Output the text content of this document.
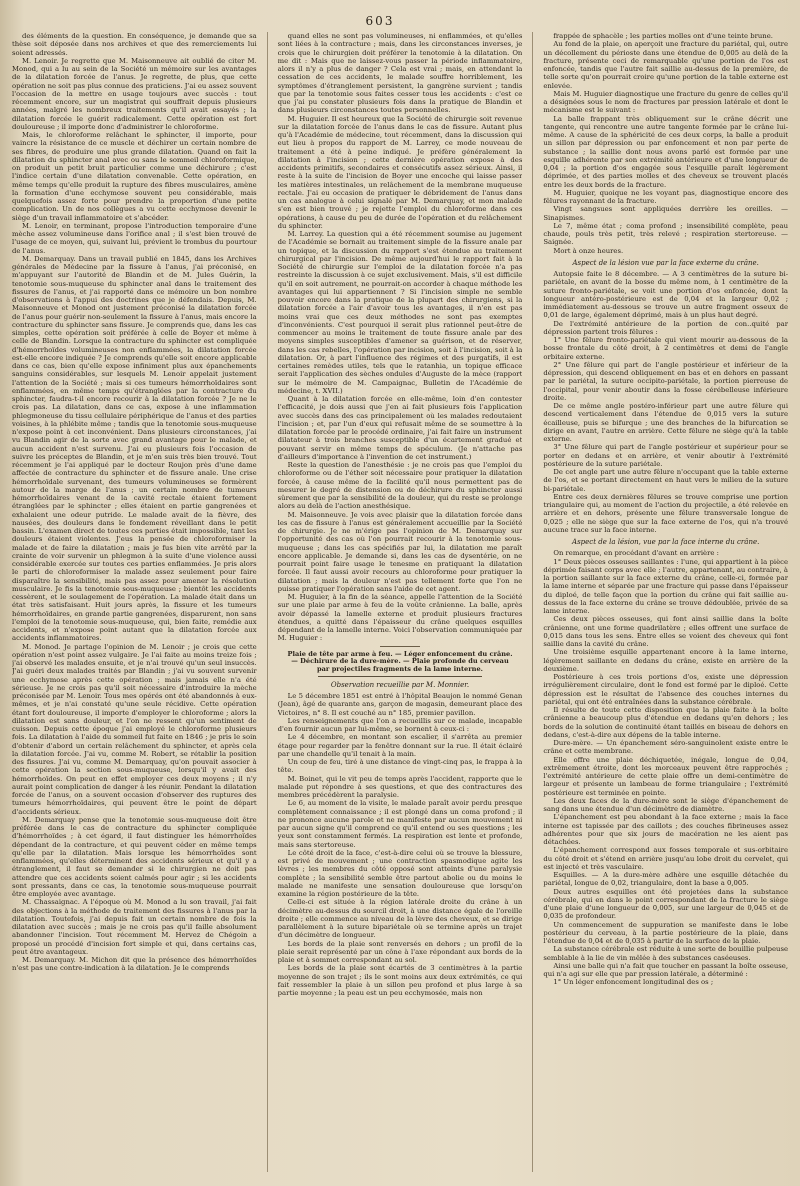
603

des éléments de la question. En conséquence, je demande que sa thèse soit déposée dans nos archives et que des remerciements lui soient adressés.

M. Lenoir. Je regrette que M. Maisonneuve ait oublié de citer M. Monod, qui a lu au sein de la Société un mémoire sur les avantages de la dilatation forcée de l'anus. Je regrette, de plus, que cette opération ne soit pas plus connue des praticiens. J'ai eu assez souvent l'occasion de la mettre en usage toujours avec succès : tout récemment encore, sur un magistrat qui souffrait depuis plusieurs années, malgré les nombreux traitements qu'il avait essayés ; la dilatation forcée le guérit radicalement. Cette opération est fort douloureuse ; il importe donc d'administrer le chloroforme.

Mais, le chloroforme relâchant le sphincter, il importe, pour vaincre la résistance de ce muscle et déchirer un certain nombre de ses fibres, de produire une plus grande dilatation. Quand on fait la dilatation du sphincter anal avec ou sans le sommeil chloroformique, on produit un petit bruit particulier comme une déchirure ; c'est l'indice certain d'une dilatation convenable. Cette opération, en même temps qu'elle produit la rupture des fibres musculaires, amène la formation d'une ecchymose souvent peu considérable, mais quelquefois assez forte pour prendre la proportion d'une petite complication. Un de nos collègues a vu cette ecchymose devenir le siège d'un travail inflammatoire et s'abcéder.

M. Lenoir, en terminant, propose l'introduction temporaire d'une mèche assez volumineuse dans l'orifice anal ; il s'est bien trouvé de l'usage de ce moyen, qui, suivant lui, prévient le trombus du pourtour de l'anus.

M. Demarquay. Dans un travail publié en 1845, dans les Archives générales de Médecine par la fissure à l'anus, j'ai préconisé, en m'appuyant sur l'autorité de Blandin et de M. Jules Guérin, la tenotomie sous-muqueuse du sphincter anal dans le traitement des fissures de l'anus, et j'ai rapporté dans ce mémoire un bon nombre d'observations à l'appui des doctrines que je défendais. Depuis, M. Maisonneuve et Monod ont justement préconisé la dilatation forcée de l'anus pour guérir non-seulement la fissure à l'anus, mais encore la contracture du sphincter sans fissure. Je comprends que, dans les cas simples, cette opération soit préférée à celle de Boyer et même à celle de Blandin. Lorsque la contracture du sphincter est compliquée d'hémorrhoïdes volumineuses non enflammées, la dilatation forcée est-elle encore indiquée ? Je comprends qu'elle soit encore applicable dans ce cas, bien qu'elle expose infiniment plus aux épanchements sanguins considérables, sur lesquels M. Lenoir appelait justement l'attention de la Société ; mais si ces tumeurs hémorrhoïdaires sont enflammées, en même temps qu'étranglées par la contracture du sphincter, faudra-t-il encore recourir à la dilatation forcée ? Je ne le crois pas. La dilatation, dans ce cas, expose à une inflammation phlegmoneuse du tissu cellulaire périphérique de l'anus et des parties voisines, à la phlébite même ; tandis que la tenotomie sous-muqueuse n'expose point à cet inconvénient. Dans plusieurs circonstances, j'ai vu Blandin agir de la sorte avec grand avantage pour le malade, et aucun accident n'est survenu. J'ai eu plusieurs fois l'occasion de suivre les préceptes de Blandin, et je m'en suis très bien trouvé. Tout récemment je l'ai appliqué par le docteur Roujon près d'une dame affectée de contracture du sphincter et de fissure anale. Une crise hémorrhoïdale survenant, des tumeurs volumineuses se formèrent autour de la marge de l'anus ; un certain nombre de tumeurs hémorrhoïdaires venant de la cavité rectale étaient fortement étranglées par le sphincter ; elles étaient en partie gangrenées et exhalaient une odeur putride. Le malade avait de la fièvre, des nausées, des douleurs dans le fondement réveillant dans le petit bassin. L'examen direct de toutes ces parties était impossible, tant les douleurs étaient violentes. J'eus la pensée de chloroformiser la malade et de faire la dilatation ; mais je fus bien vite arrêté par la crainte de voir survenir un phlegmon à la suite d'une violence aussi considérable exercée sur toutes ces parties enflammées. Je pris alors le parti de chloroformiser la malade assez seulement pour faire disparaître la sensibilité, mais pas assez pour amener la résolution musculaire. Je fis la tenotomie sous-muqueuse ; bientôt les accidents cessèrent, et le soulagement de l'opération. La malade était dans un état très satisfaisant. Huit jours après, la fissure et les tumeurs hémorrhoïdaires, en grande partie gangrenées, disparurent, non sans l'emploi de la tenotomie sous-muqueuse, qui, bien faite, remédie aux accidents, et n'expose point autant que la dilatation forcée aux accidents inflammatoires.

M. Monod. Je partage l'opinion de M. Lenoir ; je crois que cette opération n'est point assez vulgaire. Je l'ai faite au moins treize fois ; j'ai observé les malades ensuite, et je n'ai trouvé qu'un seul insuccès. J'ai guéri deux malades traités par Blandin ; j'ai vu souvent survenir une ecchymose après cette opération ; mais jamais elle n'a été sérieuse. Je ne crois pas qu'il soit nécessaire d'introduire la mèche préconisée par M. Lenoir. Tous mes opérés ont été abandonnés à eux-mêmes, et je n'ai constaté qu'une seule récidive. Cette opération étant fort douloureuse, il importe d'employer le chloroforme ; alors la dilatation est sans douleur, et l'on ne ressent qu'un sentiment de cuisson. Depuis cette époque j'ai employé le chloroforme plusieurs fois. La dilatation à l'aide du sommeil fut faite en 1846 ; je pris le soin d'obtenir d'abord un certain relâchement du sphincter, et après cela la dilatation forcée. J'ai vu, comme M. Robert, se rétablir la position des fissures. J'ai vu, comme M. Demarquay, qu'on pouvait associer à cette opération la section sous-muqueuse, lorsqu'il y avait des hémorrhoïdes. On peut en effet employer ces deux moyens ; il n'y aurait point complication de danger à les réunir. Pendant la dilatation forcée de l'anus, on a souvent occasion d'observer des ruptures des tumeurs hémorrhoïdaires, qui peuvent être le point de départ d'accidents sérieux.

M. Demarquay pense que la tenotomie sous-muqueuse doit être préférée dans le cas de contracture du sphincter compliquée d'hémorrhoïdes ; à cet égard, il faut distinguer les hémorrhoïdes dépendant de la contracture, et qui peuvent céder en même temps qu'elle par la dilatation. Mais lorsque les hémorrhoïdes sont enflammées, qu'elles déterminent des accidents sérieux et qu'il y a étranglement, il faut se demander si le chirurgien ne doit pas attendre que ces accidents soient calmés pour agir ; si les accidents sont pressants, dans ce cas, la tenotomie sous-muqueuse pourrait être employée avec avantage.

M. Chassaignac. A l'époque où M. Monod a lu son travail, j'ai fait des objections à la méthode de traitement des fissures à l'anus par la dilatation. Toutefois, j'ai depuis fait un certain nombre de fois la dilatation avec succès ; mais je ne crois pas qu'il faille absolument abandonner l'incision. Tout récemment M. Hervez de Chégoin a proposé un procédé d'incision fort simple et qui, dans certains cas, peut être avantageux.

M. Demarquay. M. Michon dit que la présence des hémorrhoïdes n'est pas une contre-indication à la dilatation. Je le comprends

quand elles ne sont pas volumineuses, ni enflammées, et qu'elles sont liées à la contracture ; mais, dans les circonstances inverses, je crois que le chirurgien doit préférer la tenotomie à la dilatation. On me dit : Mais que ne laissez-vous passer la période inflammatoire, alors il n'y a plus de danger ? Cela est vrai ; mais, en attendant la cessation de ces accidents, le malade souffre horriblement, les symptômes d'étranglement persistent, la gangrène survient ; tandis que par la tenotomie sous faites cesser tous les accidents : c'est ce que j'ai pu constater plusieurs fois dans la pratique de Blandin et dans plusieurs circonstances toutes personnelles.

M. Huguier. Il est heureux que la Société de chirurgie soit revenue sur la dilatation forcée de l'anus dans le cas de fissure. Autant plus qu'à l'Académie de médecine, tout récemment, dans la discussion qui eut lieu à propos du rapport de M. Larrey, ce mode nouveau de traitement a été à peine indiqué. Je préfère généralement la dilatation à l'incision ; cette dernière opération expose à des accidents primitifs, secondaires et consécutifs assez sérieux. Ainsi, il reste à la suite de l'incision de Boyer une encoche qui laisse passer les matières intestinales, un relâchement de la membrane muqueuse rectale. J'ai eu occasion de pratiquer le débridement de l'anus dans un cas analogue à celui signalé par M. Demarquay, et mon malade s'en est bien trouvé ; je rejette l'emploi du chloroforme dans ces opérations, à cause du peu de durée de l'opération et du relâchement du sphincter.

M. Larrey. La question qui a été récemment soumise au jugement de l'Académie se bornait au traitement simple de la fissure anale par un topique, et la discussion du rapport s'est étendue au traitement chirurgical par l'incision. De même aujourd'hui le rapport fait à la Société de chirurgie sur l'emploi de la dilatation forcée n'a pas restreinte la discussion à ce sujet exclusivement. Mais, s'il est difficile qu'il en soit autrement, ne pourrait-on accorder à chaque méthode les avantages qui lui appartiennent ? Si l'incision simple ne semble pouvoir encore dans la pratique de la plupart des chirurgiens, si la dilatation forcée a l'air d'avoir tous les avantages, il n'en est pas moins vrai que ces deux méthodes ne sont pas exemptes d'inconvénients. C'est pourquoi il serait plus rationnel peut-être de commencer au moins le traitement de toute fissure anale par des moyens simples susceptibles d'amener sa guérison, et de réserver, dans les cas rebelles, l'opération par incision, soit à l'incision, soit à la dilatation. Or, à part l'influence des régimes et des purgatifs, il est certaines remèdes utiles, tels que le ratanhia, un topique efficace serait l'application des sèches ondules d'Auguste de la mèce (rapport sur le mémoire de M. Campaignac, Bulletin de l'Académie de médecine, t. XVII.)

Quant à la dilatation forcée en elle-même, loin d'en contester l'efficacité, je dois aussi que j'en ai fait plusieurs fois l'application avec succès dans des cas principalement où les malades redoutaient l'incision ; et, par l'un d'eux qui refusait même de se soumettre à la dilatation forcée par le procédé ordinaire, j'ai fait faire un instrument dilatateur à trois branches susceptible d'un écartement gradué et pouvant servir en même temps de spéculum. (Je n'attache pas d'ailleurs d'importance à l'invention de cet instrument.)

Reste la question de l'anesthésie : je ne crois pas que l'emploi du chloroforme ou de l'éther soit nécessaire pour pratiquer la dilatation forcée, à cause même de la facilité qu'il nous permettent pas de mesurer le degré de distension ou de déchirure du sphincter aussi sûrement que par la sensibilité de la douleur, qui du reste se prolonge alors au delà de l'action anesthésique.

M. Maisonneuve. Je vois avec plaisir que la dilatation forcée dans les cas de fissure à l'anus est généralement accueillie par la Société de chirurgie. Je ne m'érige pas l'opinion de M. Demarquay sur l'opportunité des cas où l'on pourrait recourir à la tenotomie sous-muqueuse ; dans les cas spécifiés par lui, la dilatation me paraît encore applicable. Je demande si, dans les cas de dysentérie, on ne pourrait point faire usage le tenesme en pratiquant la dilatation forcée. Il faut aussi avoir recours au chloroforme pour pratiquer la dilatation ; mais la douleur n'est pas tellement forte que l'on ne puisse pratiquer l'opération sans l'aide de cet agent.

M. Huguier, à la fin de la séance, appelle l'attention de la Société sur une plaie par arme à feu de la voûte crânienne. La balle, après avoir dépassé la lamelle externe et produit plusieurs fractures étendues, a quitté dans l'épaisseur du crâne quelques esquilles dépendant de la lamelle interne. Voici l'observation communiquée par M. Huguier :

Plaie de tête par arme à feu. — Léger enfoncement du crâne. — Déchirure de la dure-mère. — Plaie profonde du cerveau par projectiles fragments de la lame interne.

Observation recueillie par M. Monnier.

Le 5 décembre 1851 est entré à l'hôpital Beaujon le nommé Genan (Jean), âgé de quarante ans, garçon de magasin, demeurant place des Victoires, n° 8. Il est couché au n° 185, premier pavillon.

Les renseignements que l'on a recueillis sur ce malade, incapable d'en fournir aucun par lui-même, se bornent à ceux-ci :

Le 4 décembre, en montant son escalier, il s'arrêta au premier étage pour regarder par la fenêtre donnant sur la rue. Il était éclairé par une chandelle qu'il tenait à la main.

Un coup de feu, tiré à une distance de vingt-cinq pas, le frappa à la tête.

M. Boinet, qui le vit peu de temps après l'accident, rapporte que le malade put répondre à ses questions, et que des contractures des membres précédèrent la paralysie.

Le 6, au moment de la visite, le malade paraît avoir perdu presque complètement connaissance ; il est plongé dans un coma profond ; il ne prononce aucune parole et ne manifeste par aucun mouvement ni par aucun signe qu'il comprend ce qu'il entend ou ses questions ; les yeux sont constamment fermés. La respiration est lente et profonde, mais sans stertoreuse.

Le côté droit de la face, c'est-à-dire celui où se trouve la blessure, est privé de mouvement ; une contraction spasmodique agite les lèvres ; les membres du côté opposé sont atteints d'une paralysie complète ; la sensibilité semble être partout abolie ou du moins le malade ne manifeste une sensation douloureuse que lorsqu'on examine la région postérieure de la tête.

Celle-ci est située à la région latérale droite du crâne à un décimètre au-dessus du sourcil droit, à une distance égale de l'oreille droite ; elle commence au niveau de la lèvre des cheveux, et se dirige parallèlement à la suture bipariétale où se termine après un trajet d'un décimètre de longueur.

Les bords de la plaie sont renversés en dehors ; un profil de la plaie serait représenté par un cône à l'axe répondant aux bords de la plaie et à sommet correspondant au sol.

Les bords de la plaie sont écartés de 3 centimètres à la partie moyenne de son trajet ; ils le sont moins aux deux extrémités, ce qui fait ressembler la plaie à un sillon peu profond et plus large à sa partie moyenne ; la peau est un peu ecchymosée, mais non

frappée de sphacèle ; les parties molles ont d'une teinte brune.

Au fond de la plaie, on aperçoit une fracture du pariétal, qui, outre un décollement du périoste dans une étendue de 0,005 au delà de la fracture, présente ceci de remarquable qu'une portion de l'os est enfoncée, tandis que l'autre fait saillie au-dessus de la première, de telle sorte qu'on pourrait croire qu'une portion de la table externe est enlevée.

Mais M. Huguier diagnostique une fracture du genre de celles qu'il a désignées sous le nom de fractures par pression latérale et dont le mécanisme est le suivant :

La balle frappant très obliquement sur le crâne décrit une tangente, qui rencontre une autre tangente formée par le crâne lui-même. A cause de la sphéricité de ces deux corps, la balle a produit un sillon par dépression ou par enfoncement et non par perte de substance ; la saillie dont nous avons parlé est formée par une esquille adhérente par son extrémité antérieure et d'une longueur de 0,04 ; la portion d'os engagée sous l'esquille paraît légèrement déprimée, et des parties molles et des cheveux se trouvent placés entre les deux bords de la fracture.

M. Huguier, quoique ne les voyant pas, diagnostique encore des fêlures rayonnant de la fracture.

Vingt sangsues sont appliquées derrière les oreilles. — Sinapismes.

Le 7, même état ; coma profond ; insensibilité complète, peau chaude, pouls très petit, très relevé ; respiration stertoreuse. — Saignée.

Mort à onze heures.

Aspect de la lésion vue par la face externe du crâne.

Autopsie faite le 8 décembre. — A 3 centimètres de la suture bi-pariétale, en avant de la bosse du même nom, à 1 centimètre de la suture fronto-pariétale, se voit une portion d'os enfoncée, dont la longueur antéro-postérieure est de 0,04 et la largeur 0,02 ; immédiatement au-dessous se trouve un autre fragment osseux de 0,01 de large, également déprimé, mais à un plus haut degré.

De l'extrémité antérieure de la portion de con..quité par dépression partent trois fêlures :

1° Une fêlure fronto-pariétale qui vient mourir au-dessous de la bosse frontale du côté droit, à 2 centimètres et demi de l'angle orbitaire externe.

2° Une fêlure qui part de l'angle postérieur et inférieur de la dépression, qui descend obliquement en bas et en dehors en passant par le pariétal, la suture occipito-pariétale, la portion pierreuse de l'occipital, pour venir aboutir dans la fosse cérébelleuse inférieure droite.

De ce même angle postéro-inférieur part une autre fêlure qui descend verticalement dans l'étendue de 0,015 vers la suture écailleuse, puis se bifurque ; une des branches de la bifurcation se dirige en avant, l'autre en arrière. Cette fêlure ne siège qu'à la table externe.

3° Une fêlure qui part de l'angle postérieur et supérieur pour se porter en dedans et en arrière, et venir aboutir à l'extrémité postérieure de la suture pariétale.

De cet angle part une autre fêlure n'occupant que la table externe de l'os, et se portant directement en haut vers le milieu de la suture bi-pariétale.

Entre ces deux dernières fêlures se trouve comprise une portion triangulaire qui, au moment de l'action du projectile, a été relevée en arrière et en dehors, présente une fêlure transversale longue de 0,025 ; elle ne siège que sur la face externe de l'os, qui n'a trouvé aucune trace sur la face interne.

Aspect de la lésion, vue par la face interne du crâne.

On remarque, en procédant d'avant en arrière :

1° Deux pièces osseuses saillantes : l'une, qui appartient à la pièce déprimée faisant corps avec elle ; l'autre, appartenant, au contraire, à la portion saillante sur la face externe du crâne, celle-ci, formée par la lame interne et séparée par une fracture qui passe dans l'épaisseur du diploé, de telle façon que la portion du crâne qui fait saillie au-dessus de la face externe du crâne se trouve dédoublée, privée de sa lame interne.

Ces deux pièces osseuses, qui font ainsi saillie dans la boîte crânienne, ont une forme quadrilatère ; elles offrent une surface de 0,015 dans tous les sens. Entre elles se voient des cheveux qui font saillie dans la cavité du crâne.

Une troisième esquille appartenant encore à la lame interne, légèrement saillante en dedans du crâne, existe en arrière de la deuxième.

Postérieure à ces trois portions d'os, existe une dépression irrégulièrement circulaire, dont le fond est formé par le diploé. Cette dépression est le résultat de l'absence des couches internes du pariétal, qui ont été entraînées dans la substance cérébrale.

Il résulte de toute cette disposition que la plaie faite à la boîte crânienne a beaucoup plus d'étendue en dedans qu'en dehors ; les bords de la solution de continuité étant taillés en biseau de dehors en dedans, c'est-à-dire aux dépens de la table interne.

Dure-mère. — Un épanchement séro-sanguinolent existe entre le crâne et cette membrane.

Elle offre une plaie déchiquetée, inégale, longue de 0,04, extrêmement étroite, dont les morceaux peuvent être rapprochés ; l'extrémité antérieure de cette plaie offre un demi-centimètre de largeur et présente un lambeau de forme triangulaire ; l'extrémité postérieure est terminée en pointe.

Les deux faces de la dure-mère sont le siège d'épanchement de sang dans une étendue d'un décimètre de diamètre.

L'épanchement est peu abondant à la face externe ; mais la face interne est tapissée par des caillots ; des couches fibrineuses assez adhérentes pour que six jours de macération ne les aient pas détachées.

L'épanchement correspond aux fosses temporale et sus-orbitaire du côté droit et s'étend en arrière jusqu'au lobe droit du cervelet, qui est injecté et très vasculaire.

Esquilles. — A la dure-mère adhère une esquille détachée du pariétal, longue de 0,02, triangulaire, dont la base a 0,005.

Deux autres esquilles ont été projetées dans la substance cérébrale, qui en dans le point correspondant de la fracture le siège d'une plaie d'une longueur de 0,005, sur une largeur de 0,045 et de 0,035 de profondeur.

Un commencement de suppuration se manifeste dans le lobe postérieur du cerveau, à la partie postérieure de la plaie, dans l'étendue de 0,04 et de 0,035 à partir de la surface de la plaie.

La substance cérébrale est réduite à une sorte de bouillie pulpeuse semblable à la lie de vin mêlée à des substances caséeuses.

Ainsi une balle qui n'a fait que toucher en passant la boîte osseuse, qui n'a agi sur elle que par pression latérale, a déterminé :

1° Un léger enfoncement longitudinal des os ;
